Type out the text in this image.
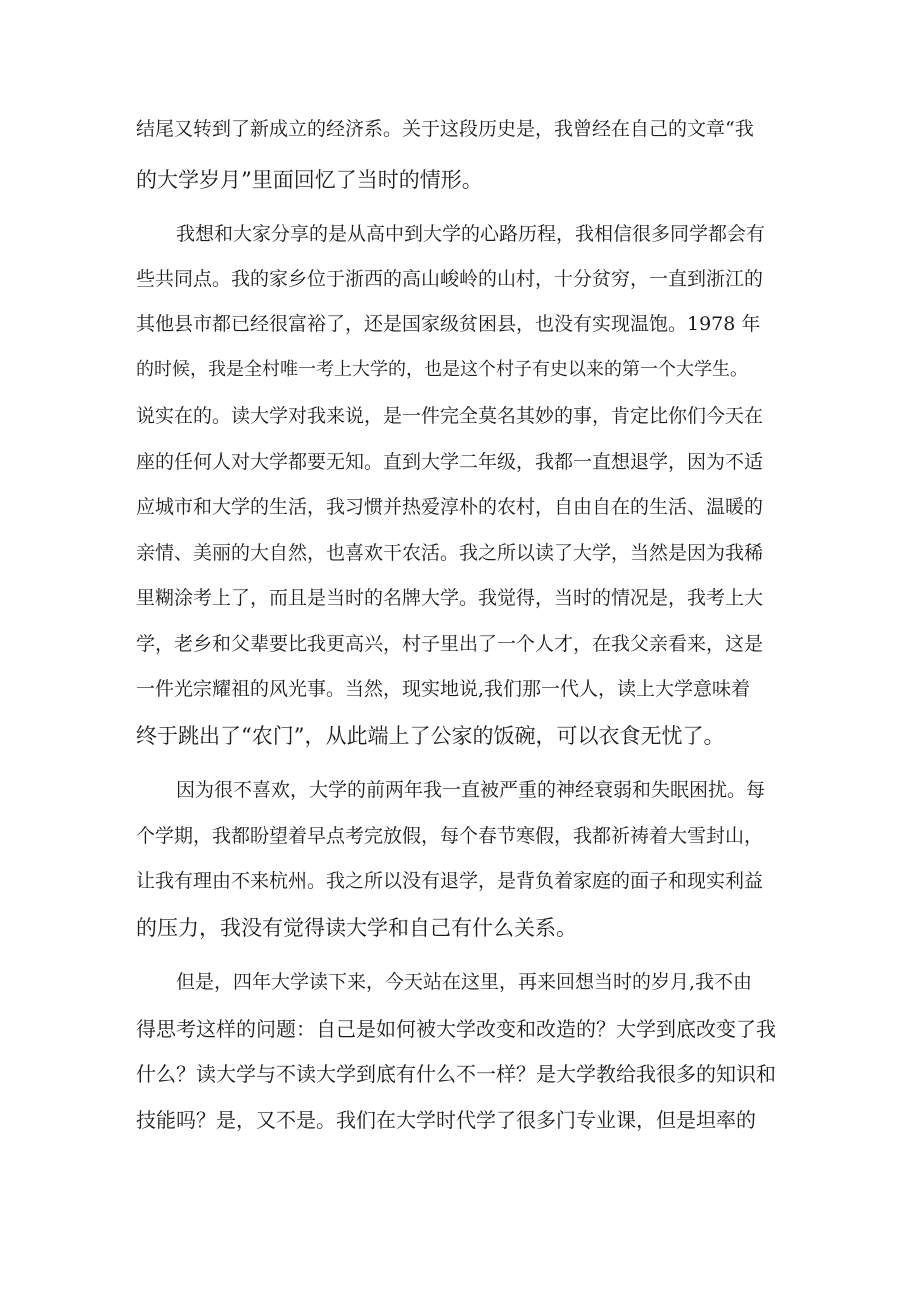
结尾又转到了新成立的经济系。关于这段历史是，我曾经在自己的文章“我
的大学岁月”里面回忆了当时的情形。
我想和大家分享的是从高中到大学的心路历程，我相信很多同学都会有
些共同点。我的家乡位于浙西的高山峻岭的山村，十分贫穷，一直到浙江的
其他县市都已经很富裕了，还是国家级贫困县，也没有实现温饱。1978 年
的时候，我是全村唯一考上大学的，也是这个村子有史以来的第一个大学生。
说实在的。读大学对我来说，是一件完全莫名其妙的事，肯定比你们今天在
座的任何人对大学都要无知。直到大学二年级，我都一直想退学，因为不适
应城市和大学的生活，我习惯并热爱淳朴的农村，自由自在的生活、温暖的
亲情、美丽的大自然，也喜欢干农活。我之所以读了大学，当然是因为我稀
里糊涂考上了，而且是当时的名牌大学。我觉得，当时的情况是，我考上大
学，老乡和父辈要比我更高兴，村子里出了一个人才，在我父亲看来，这是
一件光宗耀祖的风光事。当然，现实地说,我们那一代人，读上大学意味着
终于跳出了“农门”，从此端上了公家的饭碗，可以衣食无忧了。
因为很不喜欢，大学的前两年我一直被严重的神经衰弱和失眠困扰。每
个学期，我都盼望着早点考完放假，每个春节寒假，我都祈祷着大雪封山，
让我有理由不来杭州。我之所以没有退学，是背负着家庭的面子和现实利益
的压力，我没有觉得读大学和自己有什么关系。
但是，四年大学读下来，今天站在这里，再来回想当时的岁月,我不由
得思考这样的问题：自己是如何被大学改变和改造的？大学到底改变了我
什么？读大学与不读大学到底有什么不一样？是大学教给我很多的知识和
技能吗？是，又不是。我们在大学时代学了很多门专业课，但是坦率的
